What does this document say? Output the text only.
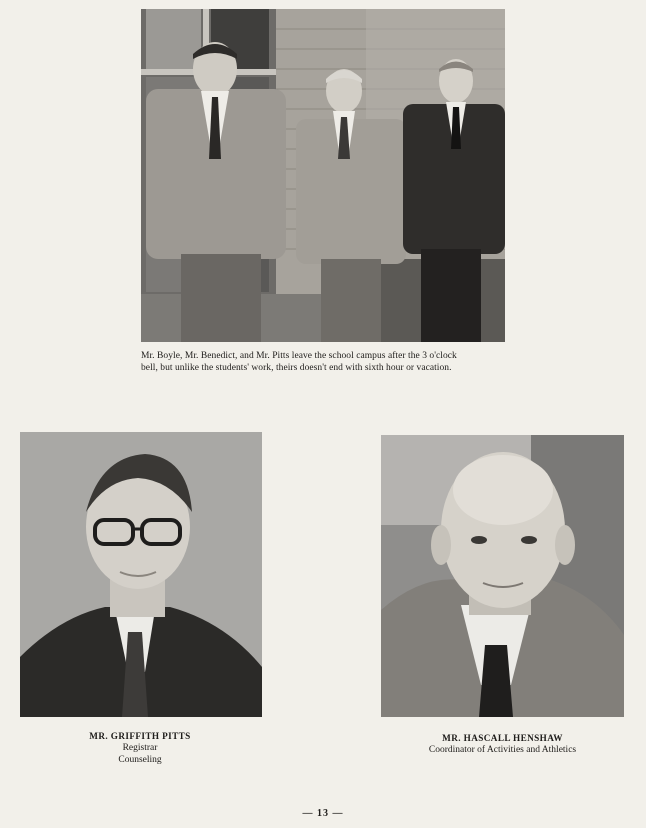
Mr. Boyle, Mr. Benedict, and Mr. Pitts leave the school campus after the 3 o'clock
bell, but unlike the students' work, theirs doesn't end with sixth hour or vacation.
MR. GRIFFITH PITTS
Registrar
Counseling
MR. HASCALL HENSHAW
Coordinator of Activities and Athletics
— 13 —
